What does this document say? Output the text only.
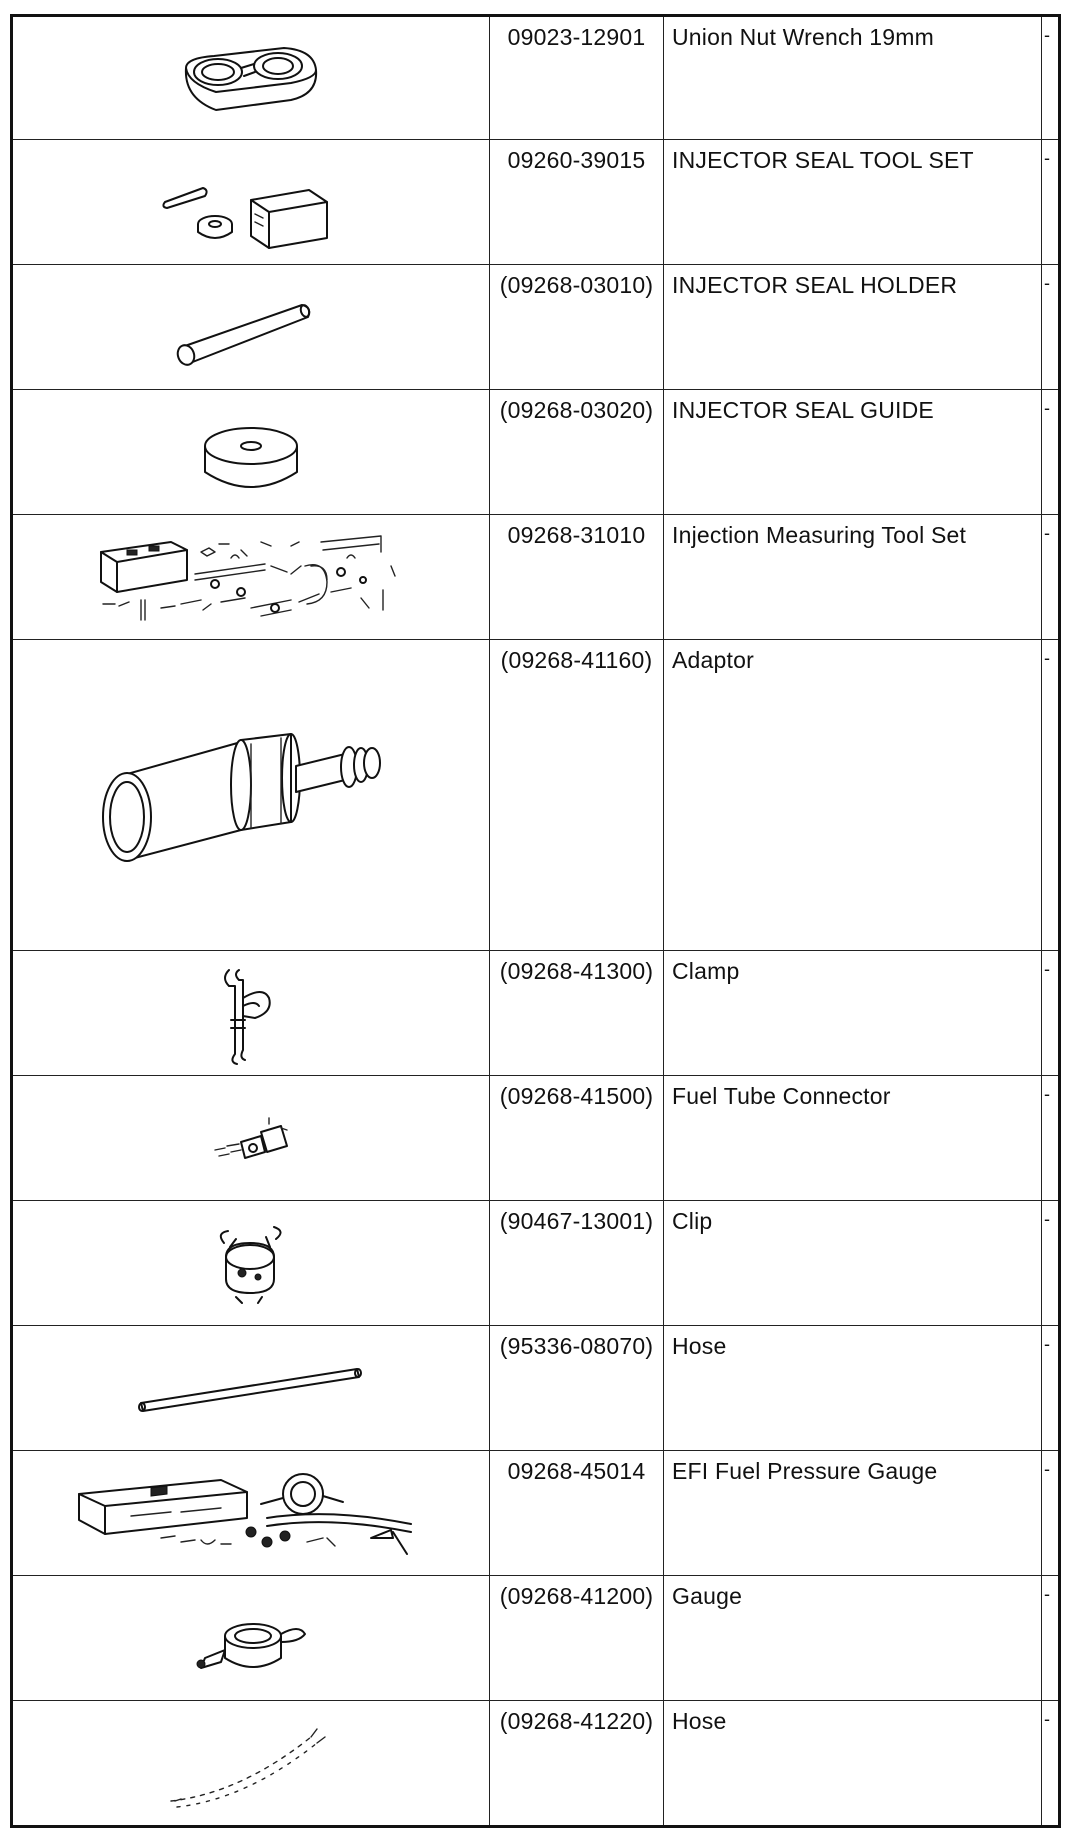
	09023-12901	Union Nut Wrench 19mm	-

	09260-39015	INJECTOR SEAL TOOL SET	-

	(09268-03010)	INJECTOR SEAL HOLDER	-

	(09268-03020)	INJECTOR SEAL GUIDE	-

	09268-31010	Injection Measuring Tool Set	-

	(09268-41160)	Adaptor	-

	(09268-41300)	Clamp	-

	(09268-41500)	Fuel Tube Connector	-

	(90467-13001)	Clip	-

	(95336-08070)	Hose	-

	09268-45014	EFI Fuel Pressure Gauge	-

	(09268-41200)	Gauge	-

	(09268-41220)	Hose	-
